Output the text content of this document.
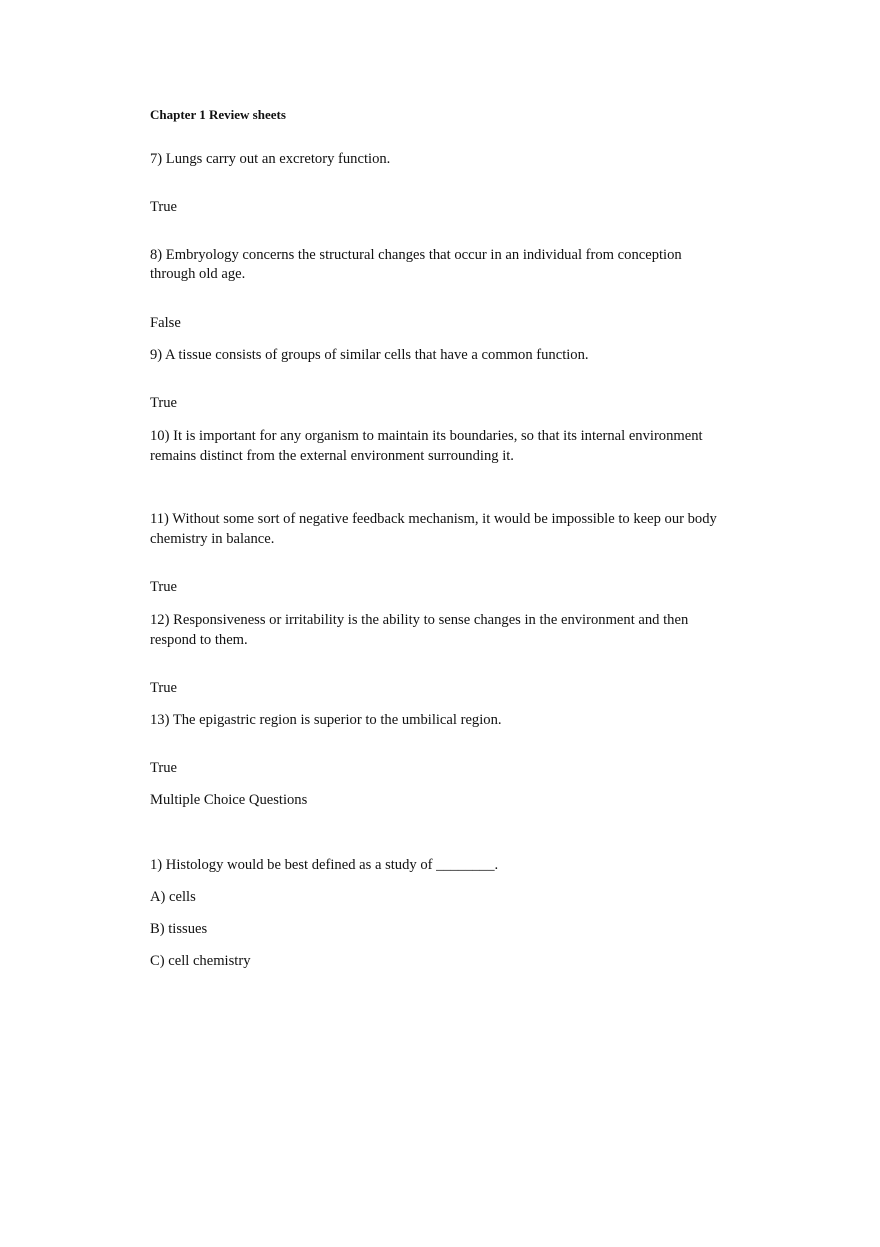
Chapter 1 Review sheets

7) Lungs carry out an excretory function.

True

8) Embryology concerns the structural changes that occur in an individual from conception

through old age.

False

9) A tissue consists of groups of similar cells that have a common function.

True

10) It is important for any organism to maintain its boundaries, so that its internal environment

remains distinct from the external environment surrounding it.

11) Without some sort of negative feedback mechanism, it would be impossible to keep our body

chemistry in balance.

True

12) Responsiveness or irritability is the ability to sense changes in the environment and then

respond to them.

True

13) The epigastric region is superior to the umbilical region.

True

Multiple Choice Questions

1) Histology would be best defined as a study of ________.

A) cells

B) tissues

C) cell chemistry
